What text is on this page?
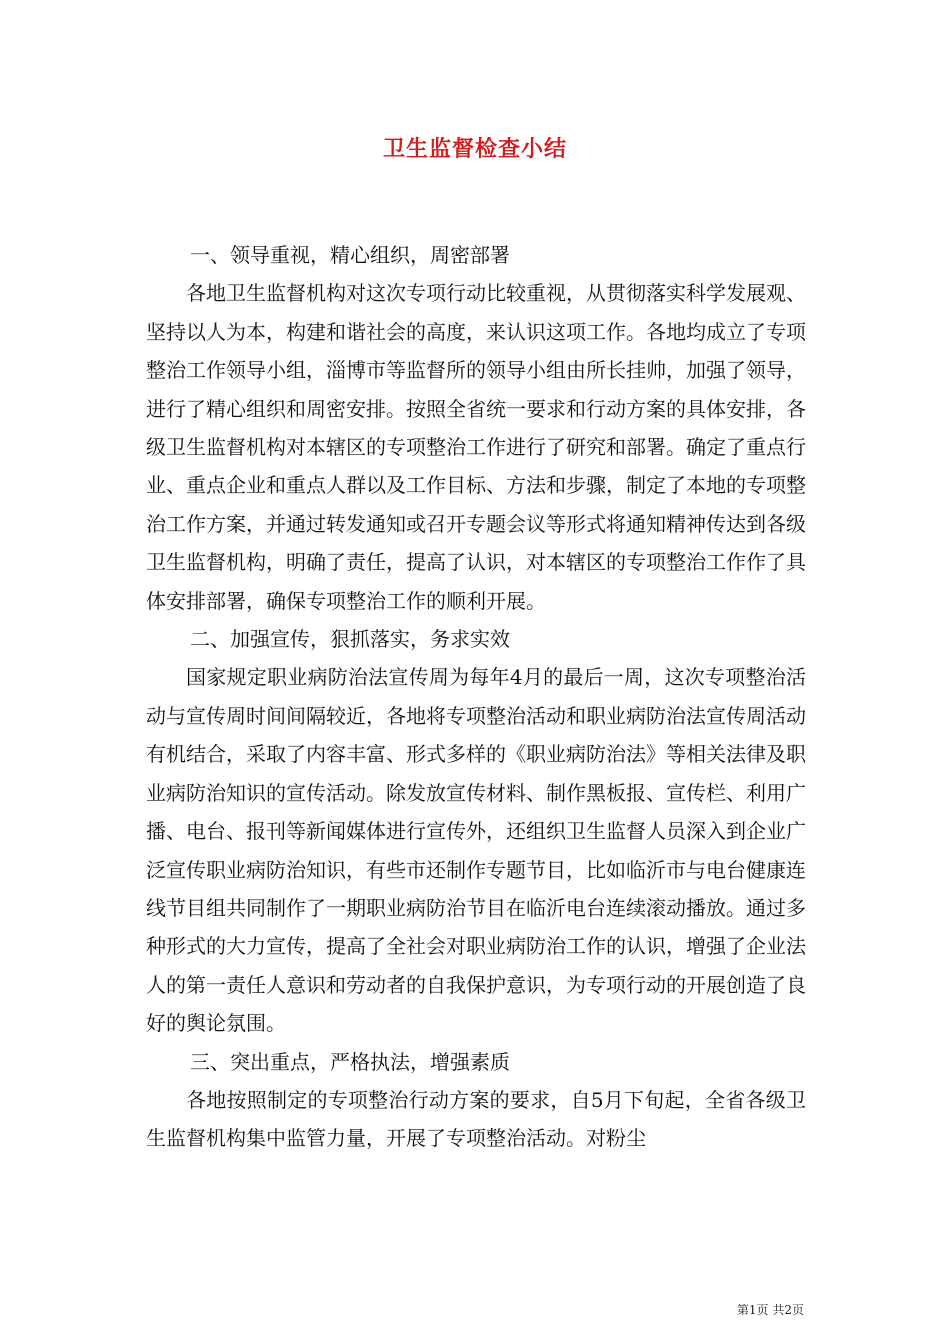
卫生监督检查小结

一、领导重视，精心组织，周密部署

各地卫生监督机构对这次专项行动比较重视，从贯彻落实科学发展观、坚持以人为本，构建和谐社会的高度，来认识这项工作。各地均成立了专项整治工作领导小组，淄博市等监督所的领导小组由所长挂帅，加强了领导，进行了精心组织和周密安排。按照全省统一要求和行动方案的具体安排，各级卫生监督机构对本辖区的专项整治工作进行了研究和部署。确定了重点行业、重点企业和重点人群以及工作目标、方法和步骤，制定了本地的专项整治工作方案，并通过转发通知或召开专题会议等形式将通知精神传达到各级卫生监督机构，明确了责任，提高了认识，对本辖区的专项整治工作作了具体安排部署，确保专项整治工作的顺利开展。

二、加强宣传，狠抓落实，务求实效

国家规定职业病防治法宣传周为每年4月的最后一周，这次专项整治活动与宣传周时间间隔较近，各地将专项整治活动和职业病防治法宣传周活动有机结合，采取了内容丰富、形式多样的《职业病防治法》等相关法律及职业病防治知识的宣传活动。除发放宣传材料、制作黑板报、宣传栏、利用广播、电台、报刊等新闻媒体进行宣传外，还组织卫生监督人员深入到企业广泛宣传职业病防治知识，有些市还制作专题节目，比如临沂市与电台健康连线节目组共同制作了一期职业病防治节目在临沂电台连续滚动播放。通过多种形式的大力宣传，提高了全社会对职业病防治工作的认识，增强了企业法人的第一责任人意识和劳动者的自我保护意识，为专项行动的开展创造了良好的舆论氛围。

三、突出重点，严格执法，增强素质

各地按照制定的专项整治行动方案的要求，自5月下旬起，全省各级卫生监督机构集中监管力量，开展了专项整治活动。对粉尘

第1页 共2页
